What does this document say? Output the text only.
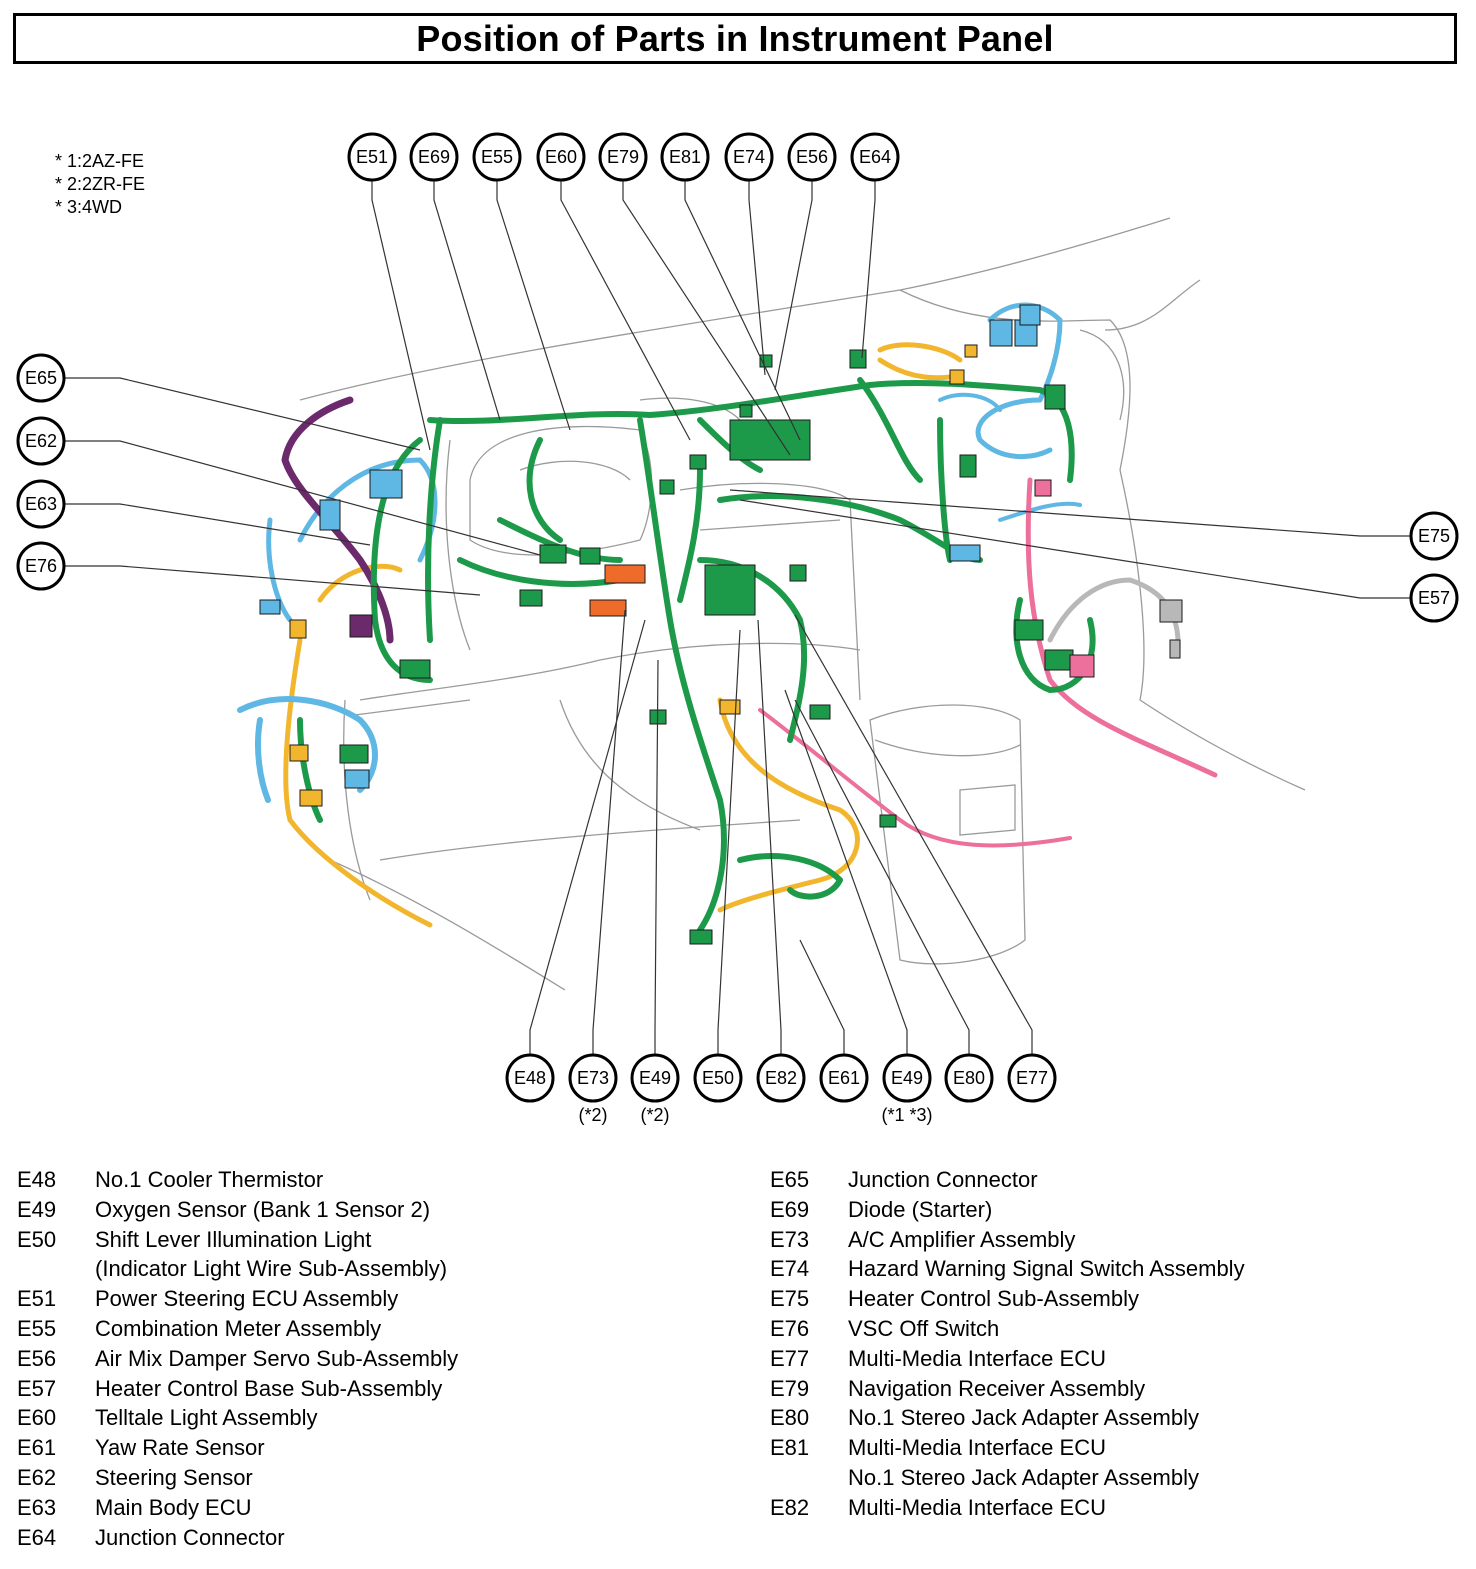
Position of Parts in Instrument Panel
* 1:2AZ-FE
* 2:2ZR-FE
* 3:4WD
E51 E69 E55 E60 E79 E81 E74 E56 E64
E65
E62
E63
E76
E75
E57
E48 E73
(*2)
E49
(*2)
E50 E82 E61 E49
(*1 *3)
E80 E77
E48	No.1 Cooler Thermistor
E49	Oxygen Sensor (Bank 1 Sensor 2)
E50	Shift Lever Illumination Light
(Indicator Light Wire Sub-Assembly)
E51	Power Steering ECU Assembly
E55	Combination Meter Assembly
E56	Air Mix Damper Servo Sub-Assembly
E57	Heater Control Base Sub-Assembly
E60	Telltale Light Assembly
E61	Yaw Rate Sensor
E62	Steering Sensor
E63	Main Body ECU
E64	Junction Connector
E65	Junction Connector
E69	Diode (Starter)
E73	A/C Amplifier Assembly
E74	Hazard Warning Signal Switch Assembly
E75	Heater Control Sub-Assembly
E76	VSC Off Switch
E77	Multi-Media Interface ECU
E79	Navigation Receiver Assembly
E80	No.1 Stereo Jack Adapter Assembly
E81	Multi-Media Interface ECU
No.1 Stereo Jack Adapter Assembly
E82	Multi-Media Interface ECU
